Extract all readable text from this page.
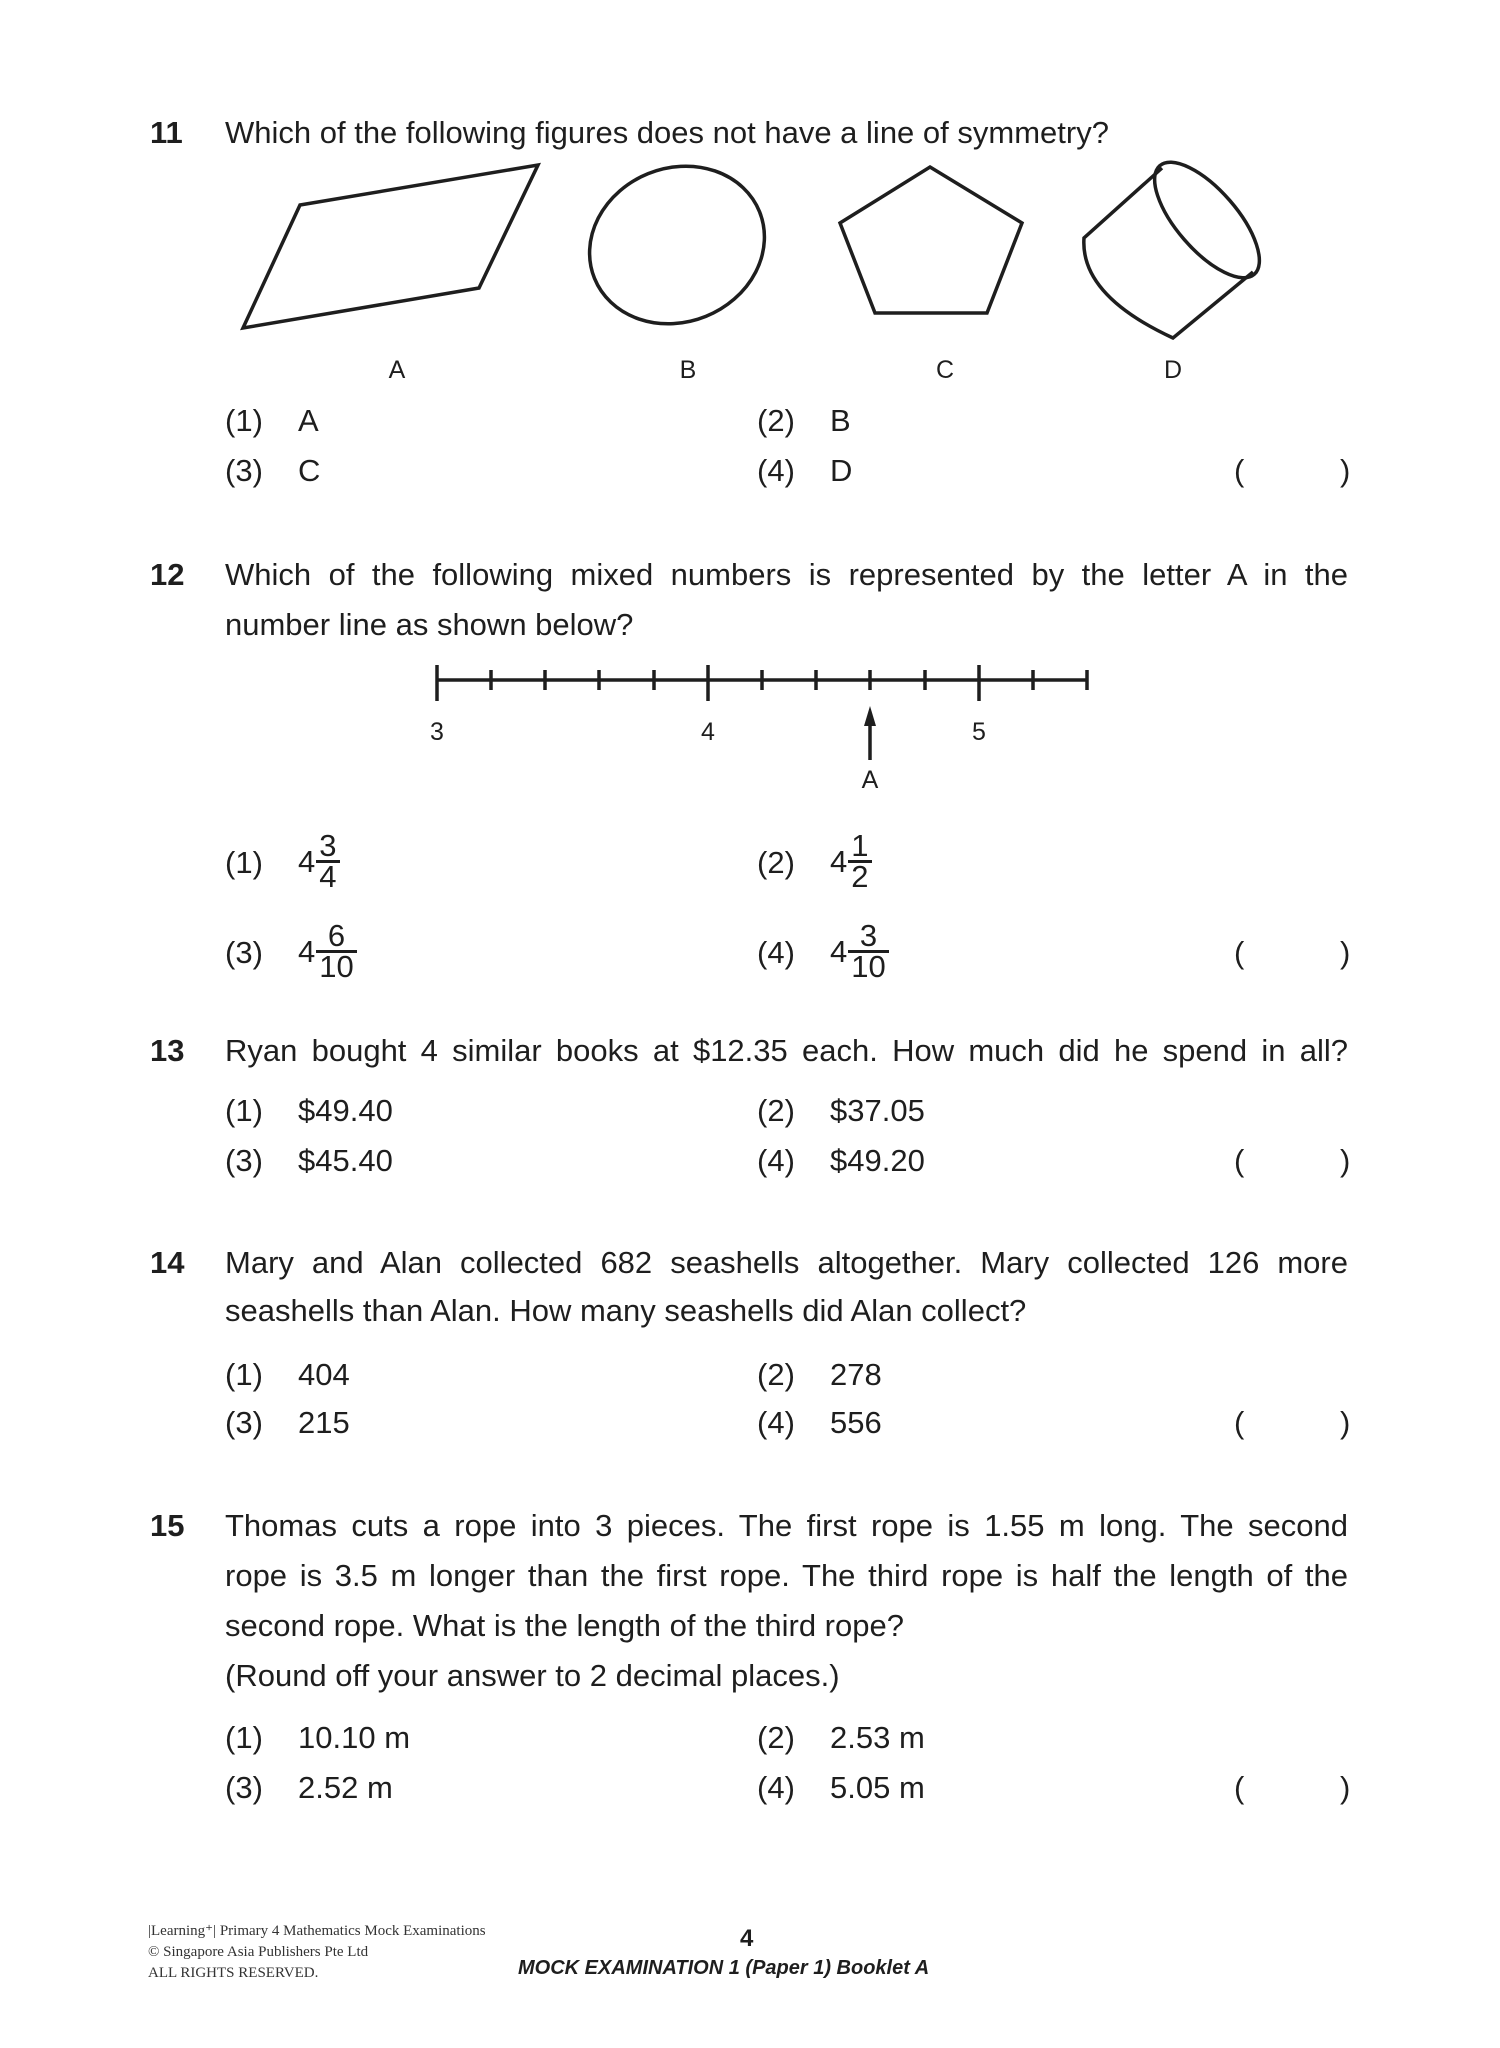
11 Which of the following figures does not have a line of symmetry?
A	B	C	D
(1) A	(2) B
(3) C	(4) D	(	)
12 Which of the following mixed numbers is represented by the letter A in the
number line as shown below?
3	4	5
A
(1) $4 \frac{3}{4}$	(2) $4 \frac{1}{2}$
(3) $4 \frac{6}{10}$	(4) $4 \frac{3}{10}$	(	)
13 Ryan bought 4 similar books at $12.35 each. How much did he spend in all?
(1) $49.40	(2) $37.05
(3) $45.40	(4) $49.20	(	)
14 Mary and Alan collected 682 seashells altogether. Mary collected 126 more
seashells than Alan. How many seashells did Alan collect?
(1) 404	(2) 278
(3) 215	(4) 556	(	)
15 Thomas cuts a rope into 3 pieces. The first rope is 1.55 m long. The second
rope is 3.5 m longer than the first rope. The third rope is half the length of the
second rope. What is the length of the third rope?
(Round off your answer to 2 decimal places.)
(1) 10.10 m	(2) 2.53 m
(3) 2.52 m	(4) 5.05 m	(	)
|Learning⁺| Primary 4 Mathematics Mock Examinations
© Singapore Asia Publishers Pte Ltd
ALL RIGHTS RESERVED.
4
MOCK EXAMINATION 1 (Paper 1) Booklet A
